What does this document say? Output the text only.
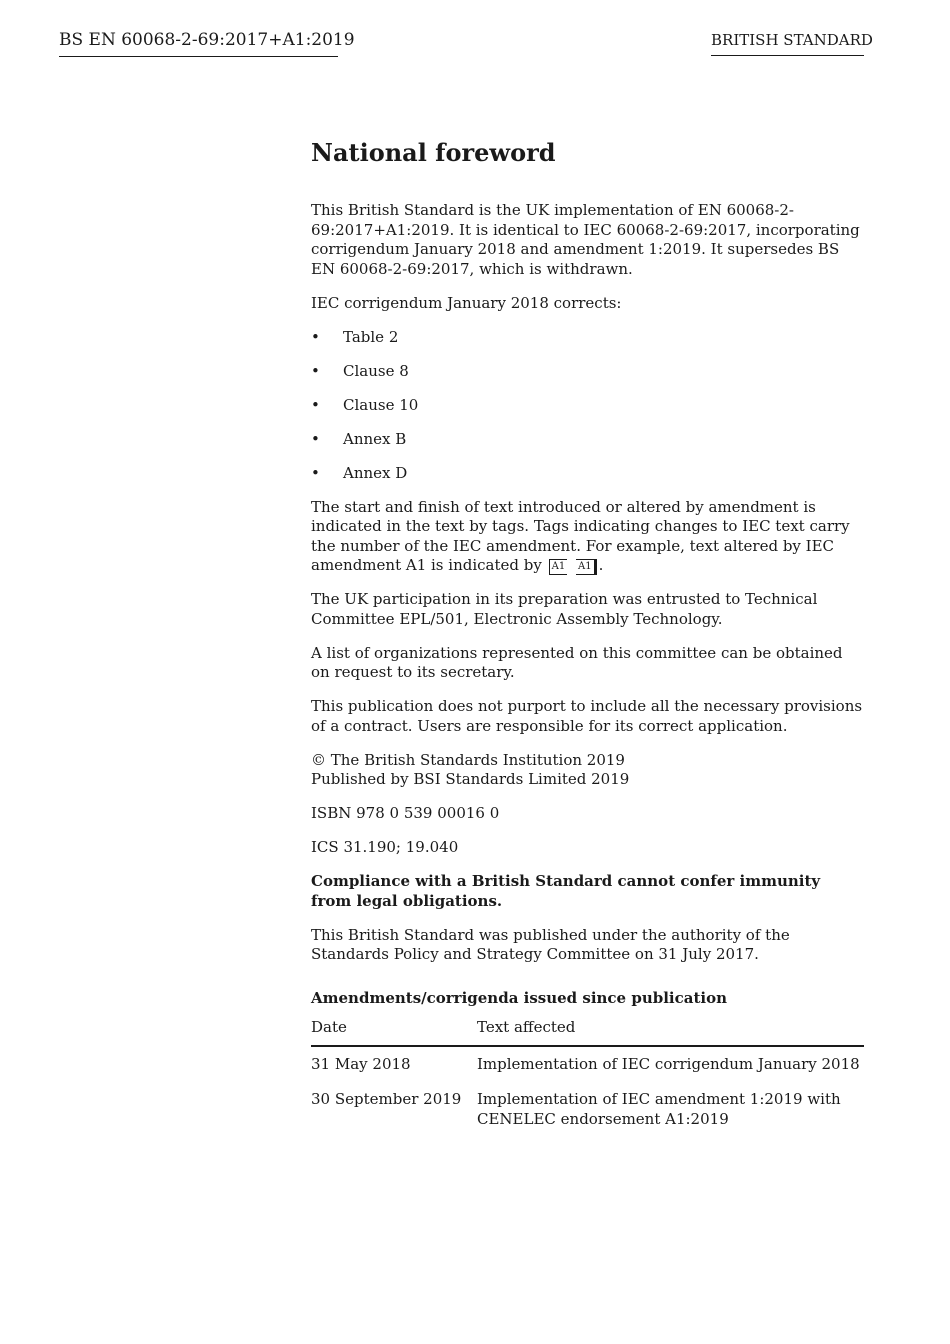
BS EN 60068-2-69:2017+A1:2019	BRITISH STANDARD
National foreword

This British Standard is the UK implementation of EN 60068-2-69:2017+A1:2019. It is identical to IEC 60068-2-69:2017, incorporating corrigendum January 2018 and amendment 1:2019. It supersedes BS EN 60068-2-69:2017, which is withdrawn.

IEC corrigendum January 2018 corrects:

• Table 2
• Clause 8
• Clause 10
• Annex B
• Annex D

The start and finish of text introduced or altered by amendment is indicated in the text by tags. Tags indicating changes to IEC text carry the number of the IEC amendment. For example, text altered by IEC amendment A1 is indicated by A1 A1 .

The UK participation in its preparation was entrusted to Technical Committee EPL/501, Electronic Assembly Technology.

A list of organizations represented on this committee can be obtained on request to its secretary.

This publication does not purport to include all the necessary provisions of a contract. Users are responsible for its correct application.

© The British Standards Institution 2019
Published by BSI Standards Limited 2019

ISBN 978 0 539 00016 0

ICS 31.190; 19.040

Compliance with a British Standard cannot confer immunity from legal obligations.

This British Standard was published under the authority of the Standards Policy and Strategy Committee on 31 July 2017.

Amendments/corrigenda issued since publication
Date	Text affected
31 May 2018	Implementation of IEC corrigendum January 2018
30 September 2019	Implementation of IEC amendment 1:2019 with CENELEC endorsement A1:2019
